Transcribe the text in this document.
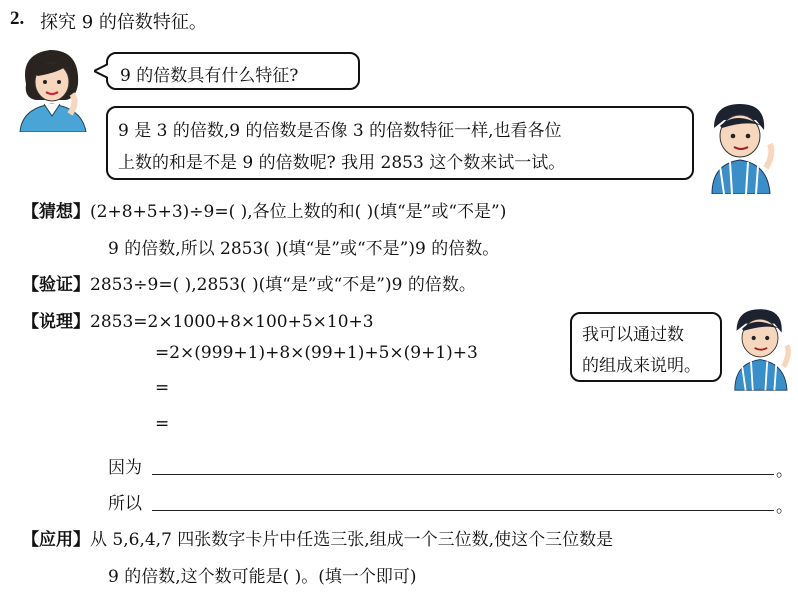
2. 探究 9 的倍数特征。
9 的倍数具有什么特征?
9 是 3 的倍数,9 的倍数是否像 3 的倍数特征一样,也看各位
上数的和是不是 9 的倍数呢? 我用 2853 这个数来试一试。
【猜想】(2+8+5+3)÷9=( ),各位上数的和( )(填“是”或“不是”)
9 的倍数,所以 2853( )(填“是”或“不是”)9 的倍数。
【验证】2853÷9=( ),2853( )(填“是”或“不是”)9 的倍数。
【说理】2853=2×1000+8×100+5×10+3
=2×(999+1)+8×(99+1)+5×(9+1)+3
=
=
我可以通过数
的组成来说明。
因为	。
所以	。
【应用】从 5,6,4,7 四张数字卡片中任选三张,组成一个三位数,使这个三位数是
9 的倍数,这个数可能是( )。(填一个即可)
